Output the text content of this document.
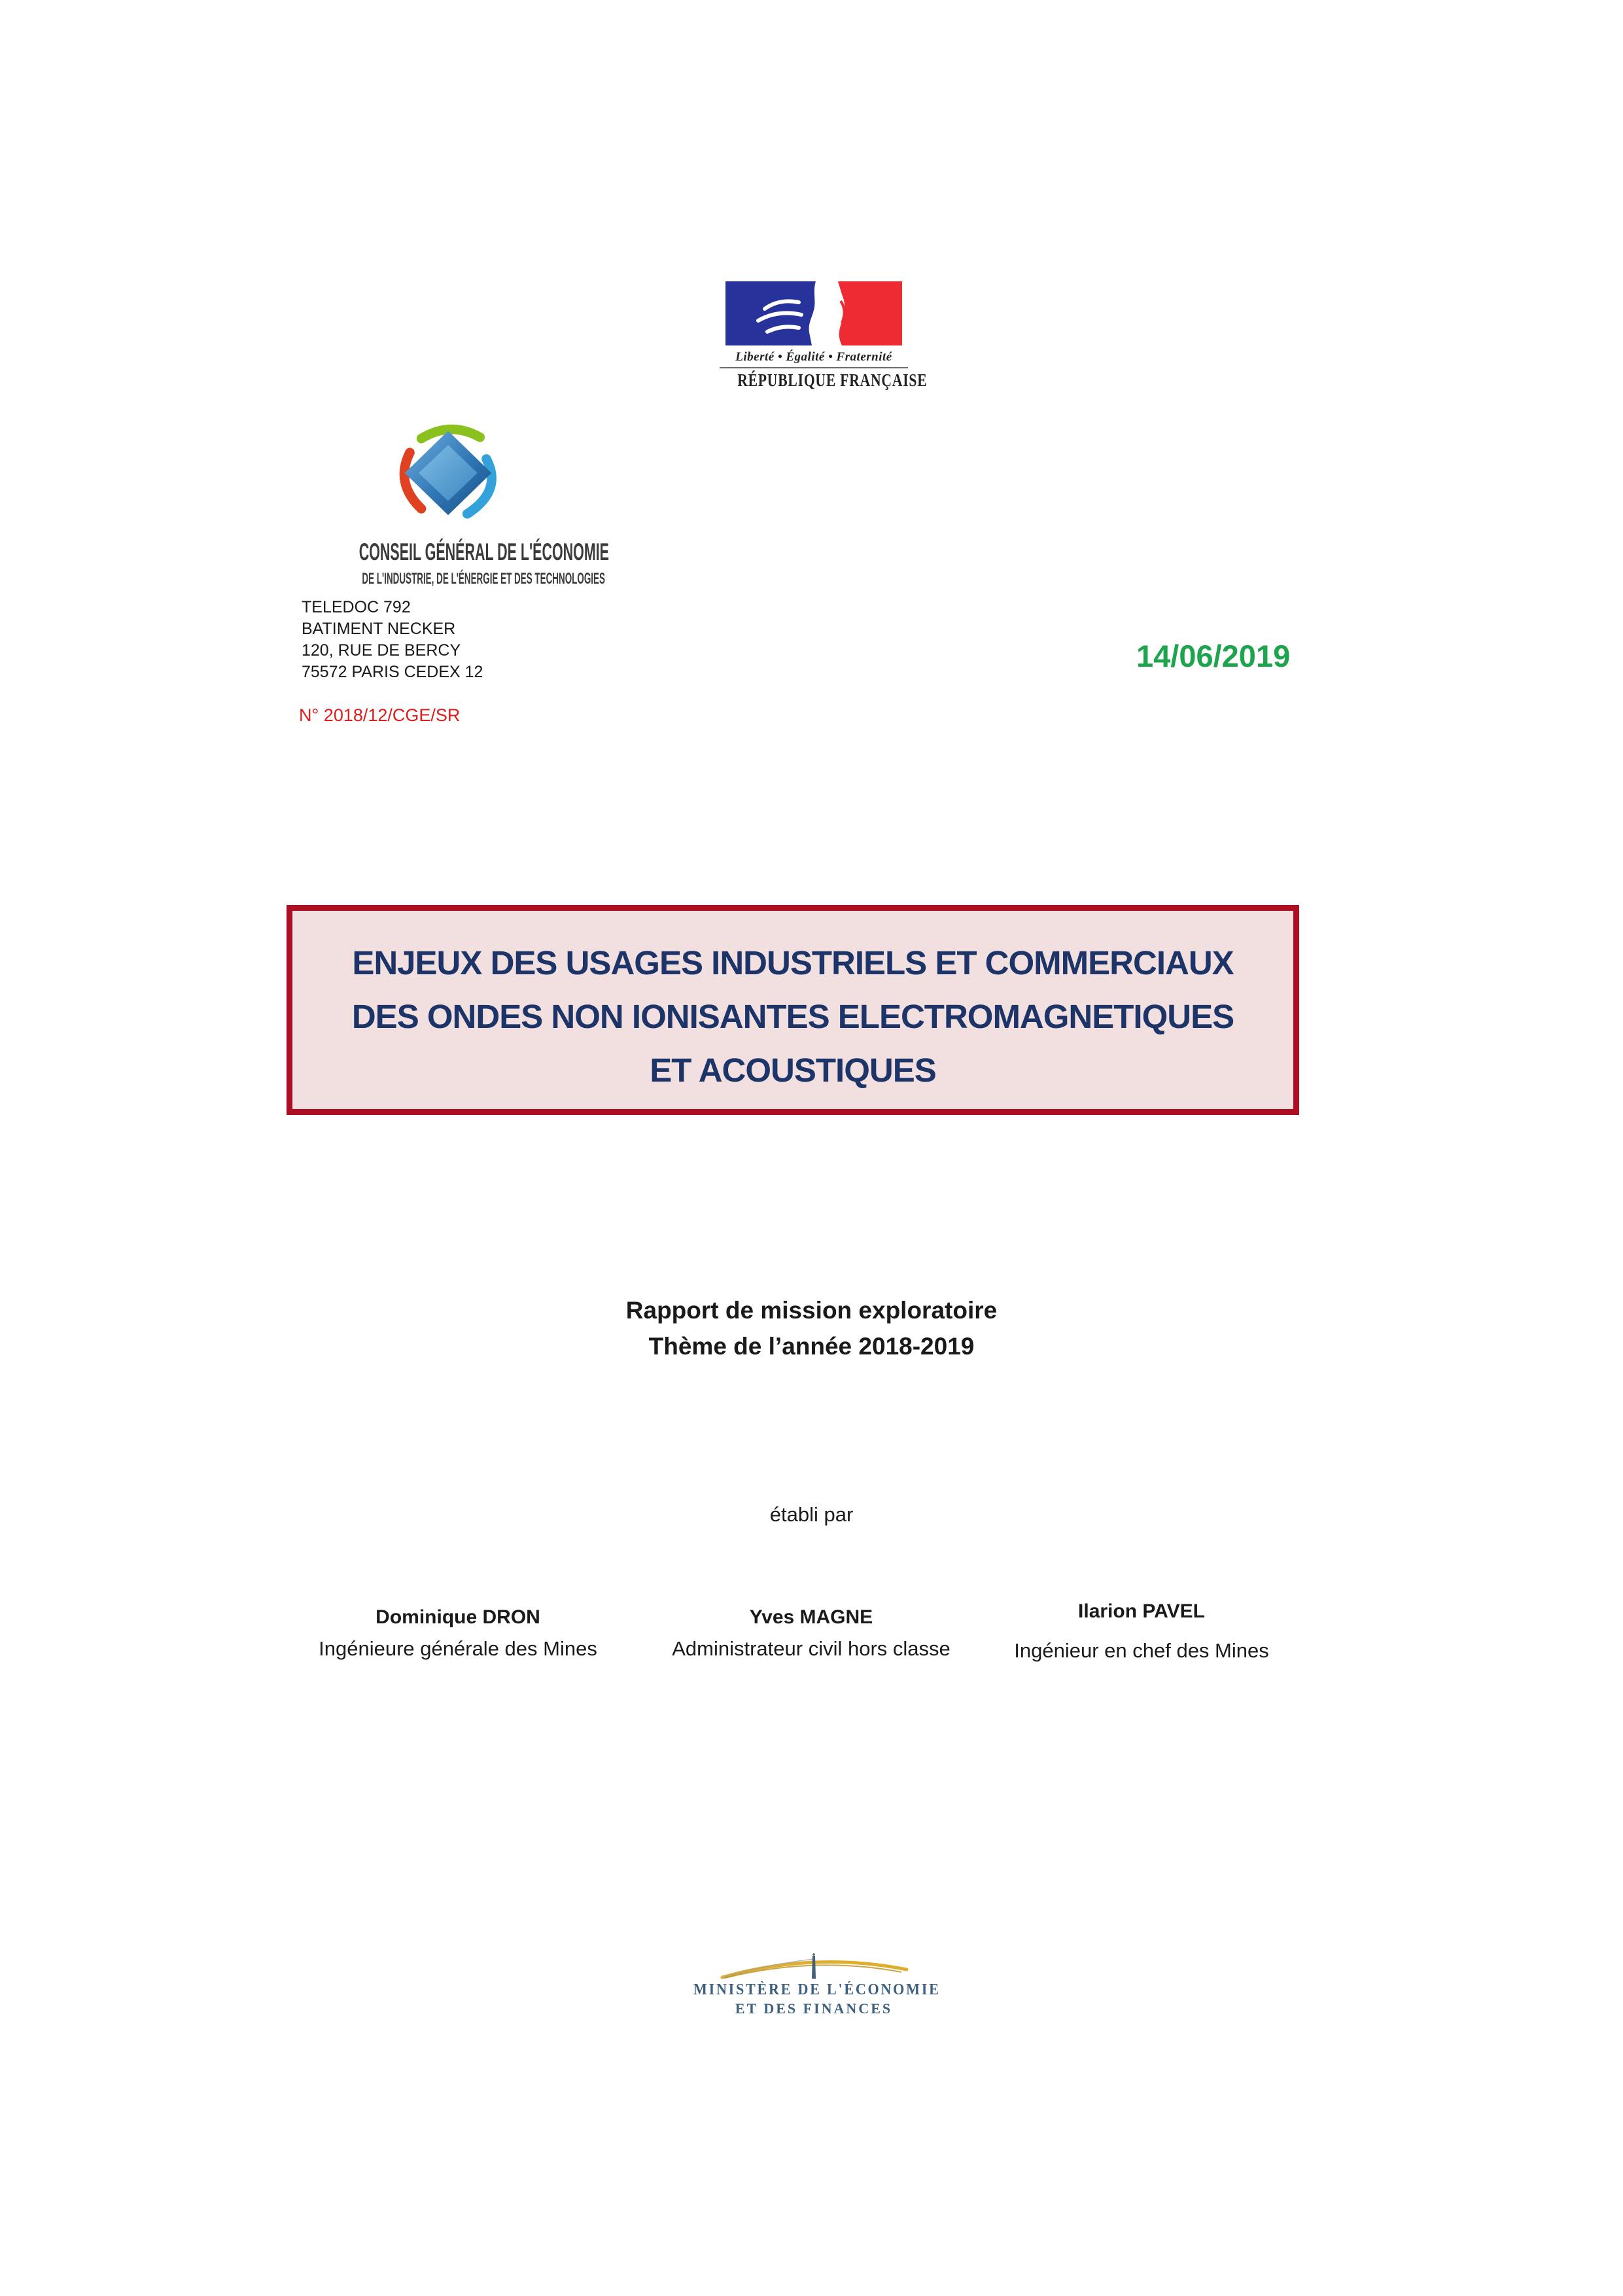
Liberté • Égalité • Fraternité
RÉPUBLIQUE FRANÇAISE
CONSEIL GÉNÉRAL DE L'ÉCONOMIE
DE L'INDUSTRIE, DE L'ÉNERGIE ET DES TECHNOLOGIES
TELEDOC 792
BATIMENT NECKER
120, RUE DE BERCY
75572 PARIS CEDEX 12	14/06/2019
N° 2018/12/CGE/SR
ENJEUX DES USAGES INDUSTRIELS ET COMMERCIAUX
DES ONDES NON IONISANTES ELECTROMAGNETIQUES
ET ACOUSTIQUES
Rapport de mission exploratoire
Thème de l’année 2018-2019
établi par
Dominique DRON
Ingénieure générale des Mines
Yves MAGNE
Administrateur civil hors classe
Ilarion PAVEL
Ingénieur en chef des Mines
MINISTÈRE DE L'ÉCONOMIE
ET DES FINANCES
